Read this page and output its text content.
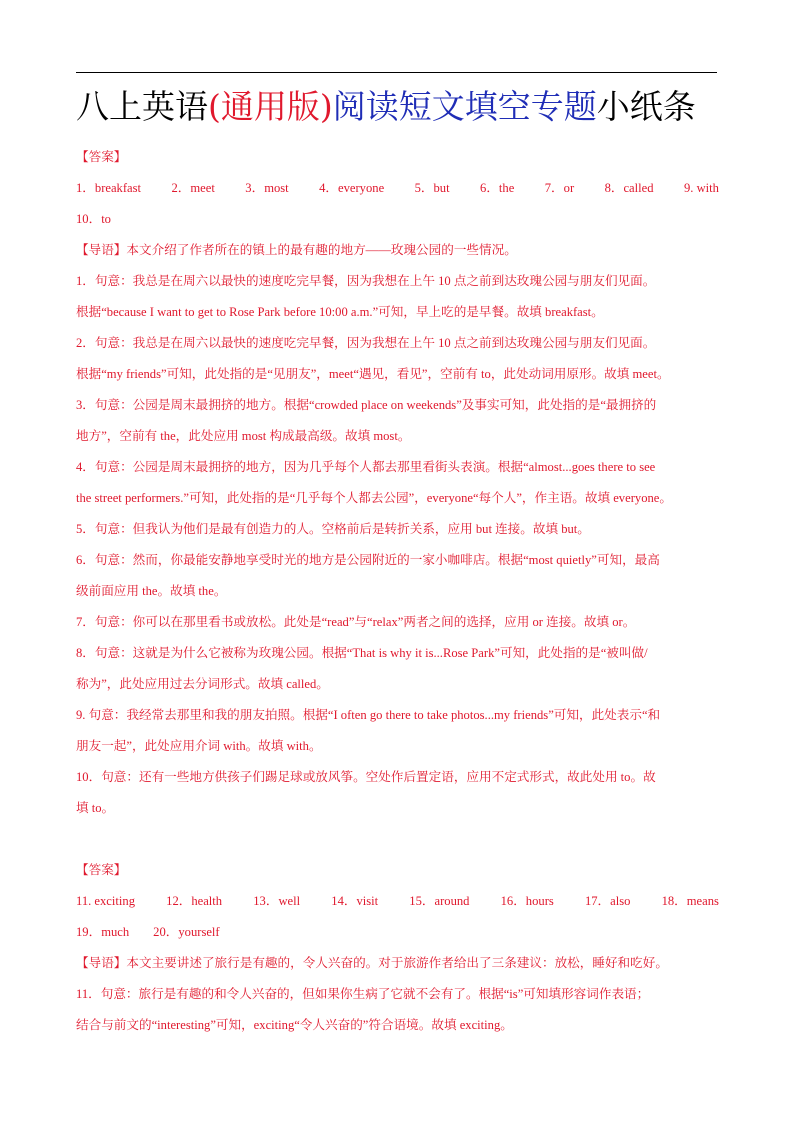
八上英语(通用版)阅读短文填空专题小纸条
【答案】
1．breakfast 2．meet 3．most 4．everyone 5．but 6．the 7．or 8．called 9. with
10．to
【导语】本文介绍了作者所在的镇上的最有趣的地方——玫瑰公园的一些情况。
1．句意：我总是在周六以最快的速度吃完早餐，因为我想在上午 10 点之前到达玫瑰公园与朋友们见面。
根据“because I want to get to Rose Park before 10:00 a.m.”可知，早上吃的是早餐。故填 breakfast。
2．句意：我总是在周六以最快的速度吃完早餐，因为我想在上午 10 点之前到达玫瑰公园与朋友们见面。
根据“my friends”可知，此处指的是“见朋友”，meet“遇见，看见”，空前有 to，此处动词用原形。故填 meet。
3．句意：公园是周末最拥挤的地方。根据“crowded place on weekends”及事实可知，此处指的是“最拥挤的
地方”，空前有 the，此处应用 most 构成最高级。故填 most。
4．句意：公园是周末最拥挤的地方，因为几乎每个人都去那里看街头表演。根据“almost...goes there to see
the street performers.”可知，此处指的是“几乎每个人都去公园”，everyone“每个人”，作主语。故填 everyone。
5．句意：但我认为他们是最有创造力的人。空格前后是转折关系，应用 but 连接。故填 but。
6．句意：然而，你最能安静地享受时光的地方是公园附近的一家小咖啡店。根据“most quietly”可知，最高
级前面应用 the。故填 the。
7．句意：你可以在那里看书或放松。此处是“read”与“relax”两者之间的选择，应用 or 连接。故填 or。
8．句意：这就是为什么它被称为玫瑰公园。根据“That is why it is...Rose Park”可知，此处指的是“被叫做/
称为”，此处应用过去分词形式。故填 called。
9. 句意：我经常去那里和我的朋友拍照。根据“I often go there to take photos...my friends”可知，此处表示“和
朋友一起”，此处应用介词 with。故填 with。
10．句意：还有一些地方供孩子们踢足球或放风筝。空处作后置定语，应用不定式形式，故此处用 to。故
填 to。
【答案】
11. exciting 12．health 13．well 14．visit 15．around 16．hours 17．also 18．means
19．much 20．yourself
【导语】本文主要讲述了旅行是有趣的，令人兴奋的。对于旅游作者给出了三条建议：放松，睡好和吃好。
11．句意：旅行是有趣的和令人兴奋的，但如果你生病了它就不会有了。根据“is”可知填形容词作表语；
结合与前文的“interesting”可知，exciting“令人兴奋的”符合语境。故填 exciting。
